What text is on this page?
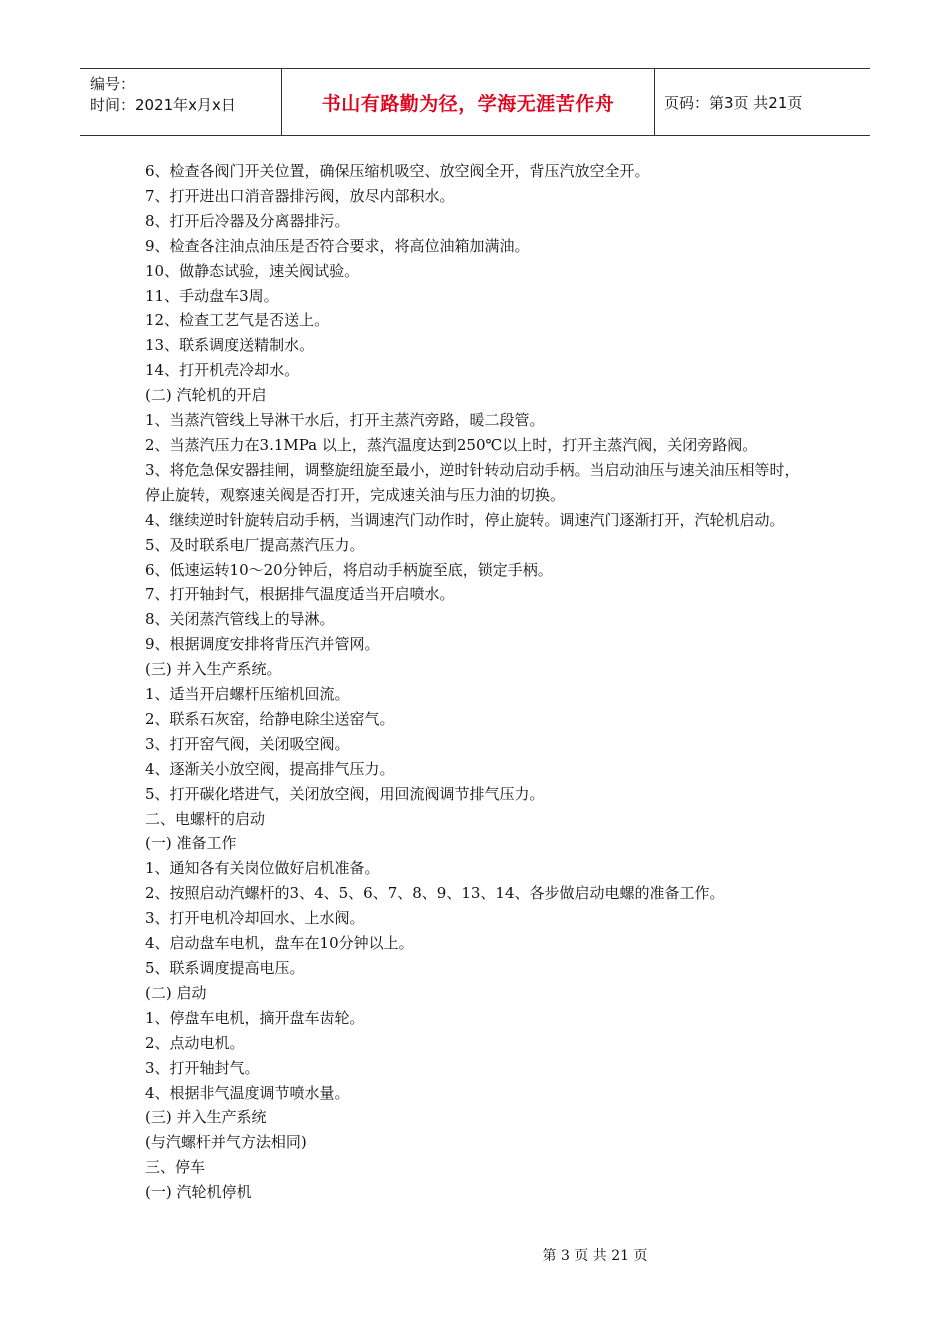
编号：
时间：2021年x月x日	书山有路勤为径，学海无涯苦作舟	页码：第3页 共21页
6、检查各阀门开关位置，确保压缩机吸空、放空阀全开，背压汽放空全开。
7、打开进出口消音器排污阀，放尽内部积水。
8、打开后冷器及分离器排污。
9、检查各注油点油压是否符合要求，将高位油箱加满油。
10、做静态试验，速关阀试验。
11、手动盘车3周。
12、检查工艺气是否送上。
13、联系调度送精制水。
14、打开机壳冷却水。
(二) 汽轮机的开启
1、当蒸汽管线上导淋干水后，打开主蒸汽旁路，暖二段管。
2、当蒸汽压力在3.1MPa 以上，蒸汽温度达到250℃以上时，打开主蒸汽阀，关闭旁路阀。
3、将危急保安器挂闸，调整旋纽旋至最小，逆时针转动启动手柄。当启动油压与速关油压相等时，停止旋转，观察速关阀是否打开，完成速关油与压力油的切换。
4、继续逆时针旋转启动手柄，当调速汽门动作时，停止旋转。调速汽门逐渐打开，汽轮机启动。
5、及时联系电厂提高蒸汽压力。
6、低速运转10～20分钟后，将启动手柄旋至底，锁定手柄。
7、打开轴封气，根据排气温度适当开启喷水。
8、关闭蒸汽管线上的导淋。
9、根据调度安排将背压汽并管网。
(三) 并入生产系统。
1、适当开启螺杆压缩机回流。
2、联系石灰窑，给静电除尘送窑气。
3、打开窑气阀，关闭吸空阀。
4、逐渐关小放空阀，提高排气压力。
5、打开碳化塔进气，关闭放空阀，用回流阀调节排气压力。
二、电螺杆的启动
(一) 准备工作
1、通知各有关岗位做好启机准备。
2、按照启动汽螺杆的3、4、5、6、7、8、9、13、14、各步做启动电螺的准备工作。
3、打开电机冷却回水、上水阀。
4、启动盘车电机，盘车在10分钟以上。
5、联系调度提高电压。
(二) 启动
1、停盘车电机，摘开盘车齿轮。
2、点动电机。
3、打开轴封气。
4、根据非气温度调节喷水量。
(三) 并入生产系统
(与汽螺杆并气方法相同)
三、停车
(一) 汽轮机停机
第 3 页 共 21 页
